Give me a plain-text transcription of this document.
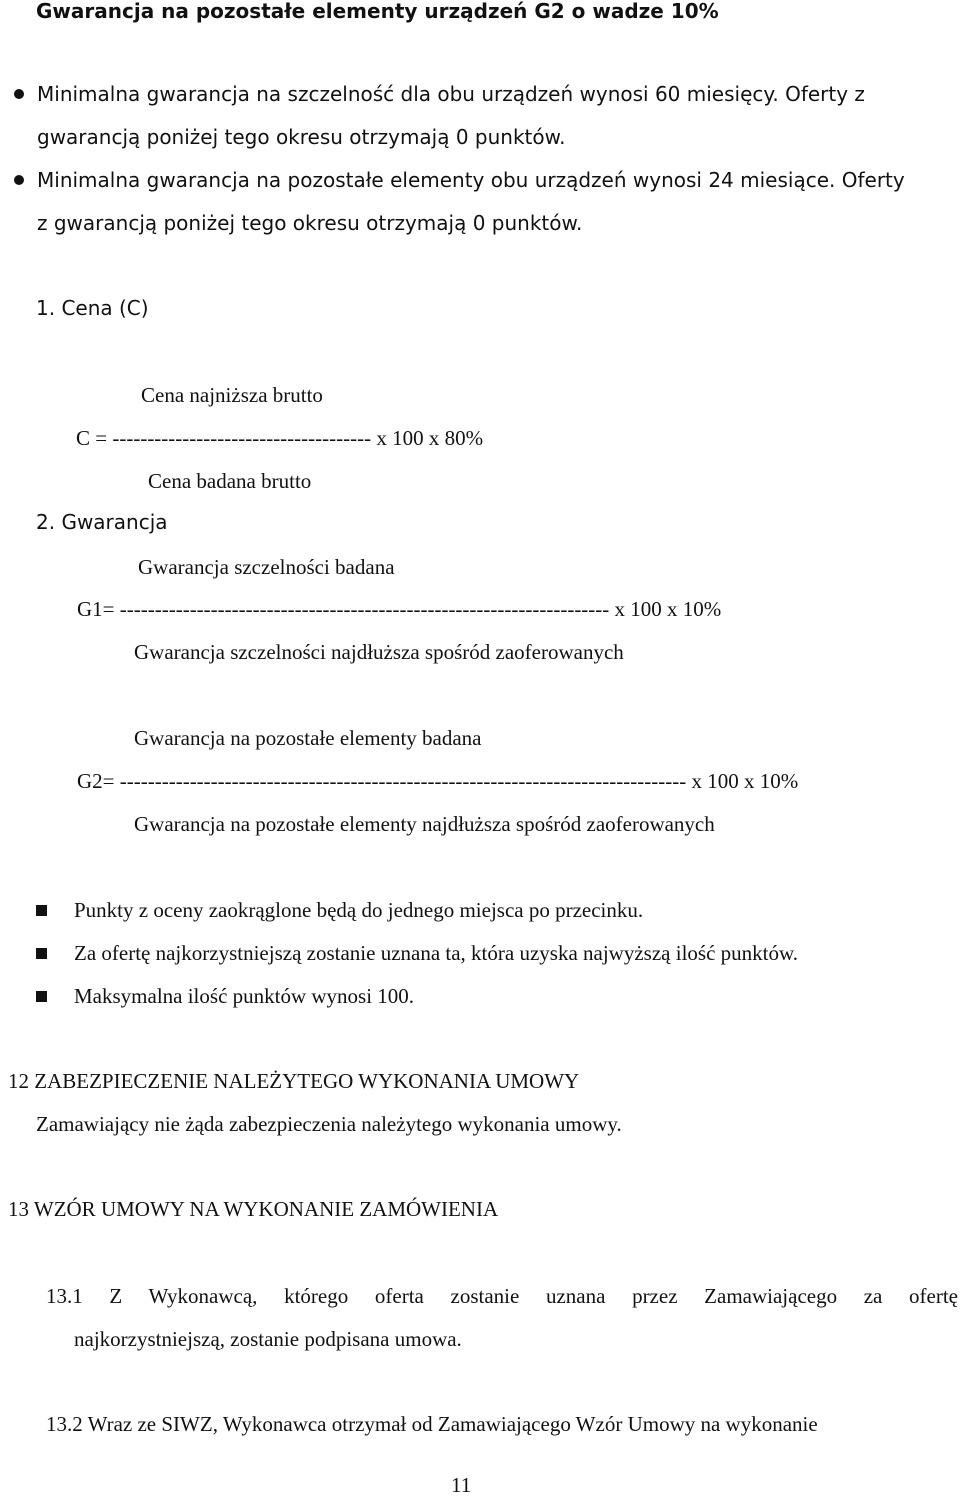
Gwarancja na pozostałe elementy urządzeń G2 o wadze 10%
Minimalna gwarancja na szczelność dla obu urządzeń wynosi 60 miesięcy. Oferty z
gwarancją poniżej tego okresu otrzymają 0 punktów.
Minimalna gwarancja na pozostałe elementy obu urządzeń wynosi 24 miesiące. Oferty
z gwarancją poniżej tego okresu otrzymają 0 punktów.
1. Cena (C)
Cena najniższa brutto
C = ------------------------------------- x 100 x 80%
Cena badana brutto
2. Gwarancja
Gwarancja szczelności badana
G1= ---------------------------------------------------------------------- x 100 x 10%
Gwarancja szczelności najdłuższa spośród zaoferowanych
Gwarancja na pozostałe elementy badana
G2= --------------------------------------------------------------------------------- x 100 x 10%
Gwarancja na pozostałe elementy najdłuższa spośród zaoferowanych
Punkty z oceny zaokrąglone będą do jednego miejsca po przecinku.
Za ofertę najkorzystniejszą zostanie uznana ta, która uzyska najwyższą ilość punktów.
Maksymalna ilość punktów wynosi 100.
12 ZABEZPIECZENIE NALEŻYTEGO WYKONANIA UMOWY
Zamawiający nie żąda zabezpieczenia należytego wykonania umowy.
13 WZÓR UMOWY NA WYKONANIE ZAMÓWIENIA
13.1 Z Wykonawcą, którego oferta zostanie uznana przez Zamawiającego za ofertę
najkorzystniejszą, zostanie podpisana umowa.
13.2 Wraz ze SIWZ, Wykonawca otrzymał od Zamawiającego Wzór Umowy na wykonanie
11
